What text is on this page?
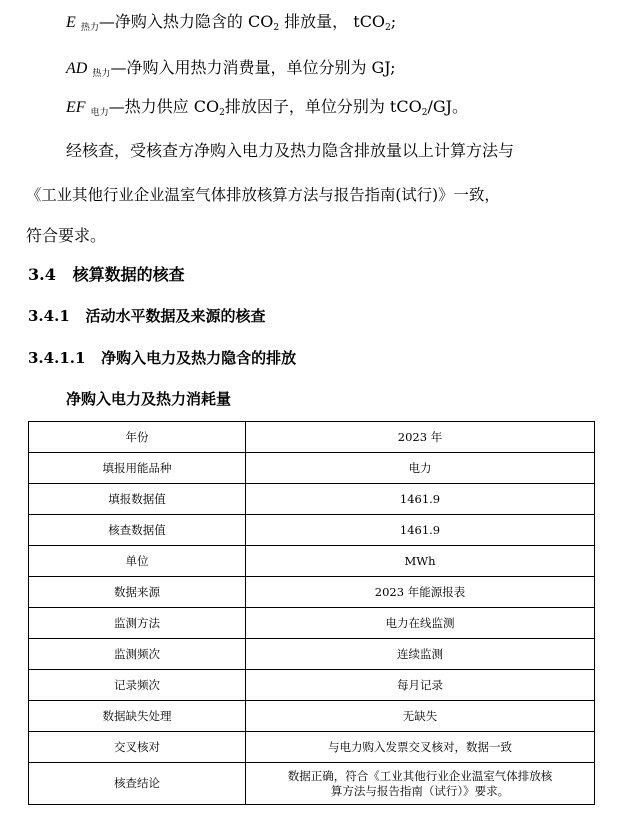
E $_{热力}$—净购入热力隐含的 $CO_2$ 排放量， tCO$_2$;
AD $_{热力}$—净购入用热力消费量，单位分别为 GJ;
EF $_{电力}$—热力供应 $CO_2$排放因子，单位分别为 tCO$_2$/GJ。
经核查，受核查方净购入电力及热力隐含排放量以上计算方法与
《工业其他行业企业温室气体排放核算方法与报告指南(试行)》一致，
符合要求。
3.4 核算数据的核查
3.4.1 活动水平数据及来源的核查
3.4.1.1 净购入电力及热力隐含的排放
净购入电力及热力消耗量
年份	2023 年
填报用能品种	电力
填报数据值	1461.9
核查数据值	1461.9
单位	MWh
数据来源	2023 年能源报表
监测方法	电力在线监测
监测频次	连续监测
记录频次	每月记录
数据缺失处理	无缺失
交叉核对	与电力购入发票交叉核对，数据一致
核查结论	数据正确，符合《工业其他行业企业温室气体排放核
算方法与报告指南（试行）》要求。
